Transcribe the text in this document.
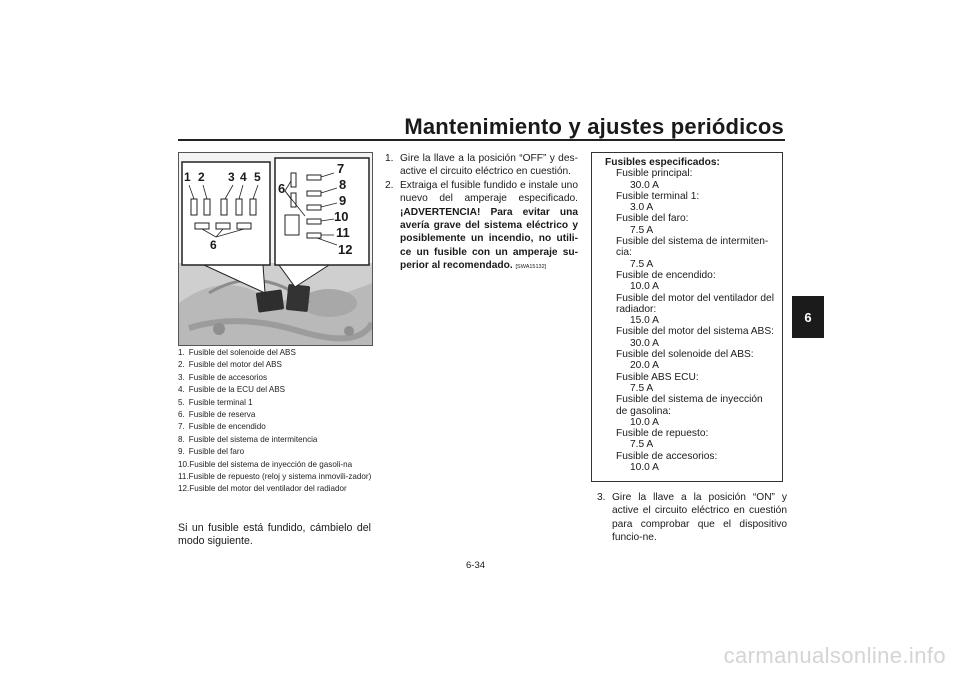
Mantenimiento y ajustes periódicos
6
1 2 3 4 5
6
7
8
9
10
11
12
6
1. Fusible del solenoide del ABS
2. Fusible del motor del ABS
3. Fusible de accesorios
4. Fusible de la ECU del ABS
5. Fusible terminal 1
6. Fusible de reserva
7. Fusible de encendido
8. Fusible del sistema de intermitencia
9. Fusible del faro
10. Fusible del sistema de inyección de gasoli-na
11. Fusible de repuesto (reloj y sistema inmovili-zador)
12. Fusible del motor del ventilador del radiador
Si un fusible está fundido, cámbielo del modo siguiente.
1. Gire la llave a la posición “OFF” y des-active el circuito eléctrico en cuestión.
2. Extraiga el fusible fundido e instale uno nuevo del amperaje especificado. ¡ADVERTENCIA! Para evitar una avería grave del sistema eléctrico y posiblemente un incendio, no utili-ce un fusible con un amperaje su-perior al recomendado. [SWA15132]
Fusibles especificados:
Fusible principal:
30.0 A
Fusible terminal 1:
3.0 A
Fusible del faro:
7.5 A
Fusible del sistema de intermiten-cia:
7.5 A
Fusible de encendido:
10.0 A
Fusible del motor del ventilador del radiador:
15.0 A
Fusible del motor del sistema ABS:
30.0 A
Fusible del solenoide del ABS:
20.0 A
Fusible ABS ECU:
7.5 A
Fusible del sistema de inyección de gasolina:
10.0 A
Fusible de repuesto:
7.5 A
Fusible de accesorios:
10.0 A
3. Gire la llave a la posición “ON” y active el circuito eléctrico en cuestión para comprobar que el dispositivo funcio-ne.
6-34
carmanualsonline.info
